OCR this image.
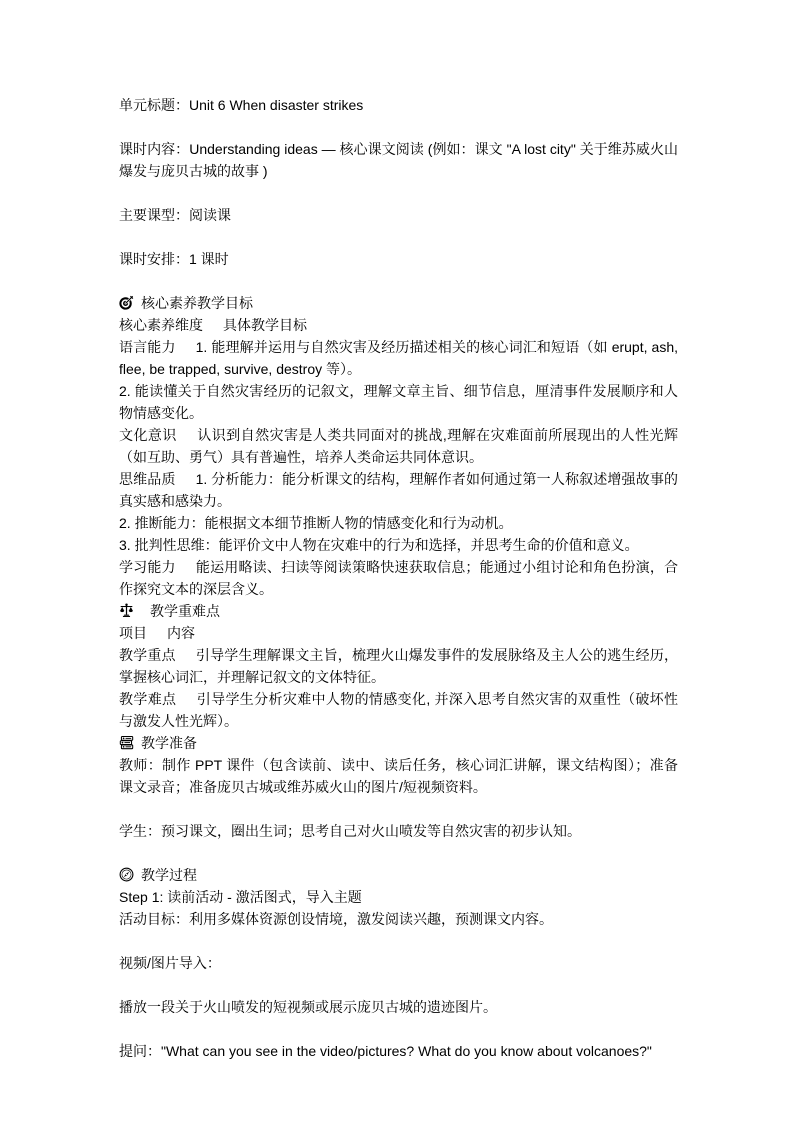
单元标题：Unit 6 When disaster strikes

课时内容：Understanding ideas — 核心课文阅读 (例如：课文 "A lost city" 关于维苏威火山爆发与庞贝古城的故事 )

主要课型：阅读课

课时安排：1 课时

核心素养教学目标

核心素养维度 具体教学目标

语言能力 1. 能理解并运用与自然灾害及经历描述相关的核心词汇和短语（如 erupt, ash, flee, be trapped, survive, destroy 等）。

2. 能读懂关于自然灾害经历的记叙文，理解文章主旨、细节信息，厘清事件发展顺序和人物情感变化。

文化意识 认识到自然灾害是人类共同面对的挑战,理解在灾难面前所展现出的人性光辉（如互助、勇气）具有普遍性，培养人类命运共同体意识。

思维品质 1. 分析能力：能分析课文的结构，理解作者如何通过第一人称叙述增强故事的真实感和感染力。

2. 推断能力：能根据文本细节推断人物的情感变化和行为动机。

3. 批判性思维：能评价文中人物在灾难中的行为和选择，并思考生命的价值和意义。

学习能力 能运用略读、扫读等阅读策略快速获取信息；能通过小组讨论和角色扮演，合作探究文本的深层含义。

教学重难点

项目 内容

教学重点 引导学生理解课文主旨，梳理火山爆发事件的发展脉络及主人公的逃生经历，掌握核心词汇，并理解记叙文的文体特征。

教学难点 引导学生分析灾难中人物的情感变化, 并深入思考自然灾害的双重性（破坏性与激发人性光辉）。

教学准备

教师：制作 PPT 课件（包含读前、读中、读后任务，核心词汇讲解，课文结构图）；准备课文录音；准备庞贝古城或维苏威火山的图片/短视频资料。

学生：预习课文，圈出生词；思考自己对火山喷发等自然灾害的初步认知。

教学过程

Step 1: 读前活动 - 激活图式，导入主题

活动目标：利用多媒体资源创设情境，激发阅读兴趣，预测课文内容。

视频/图片导入：

播放一段关于火山喷发的短视频或展示庞贝古城的遗迹图片。

提问："What can you see in the video/pictures? What do you know about volcanoes?"
